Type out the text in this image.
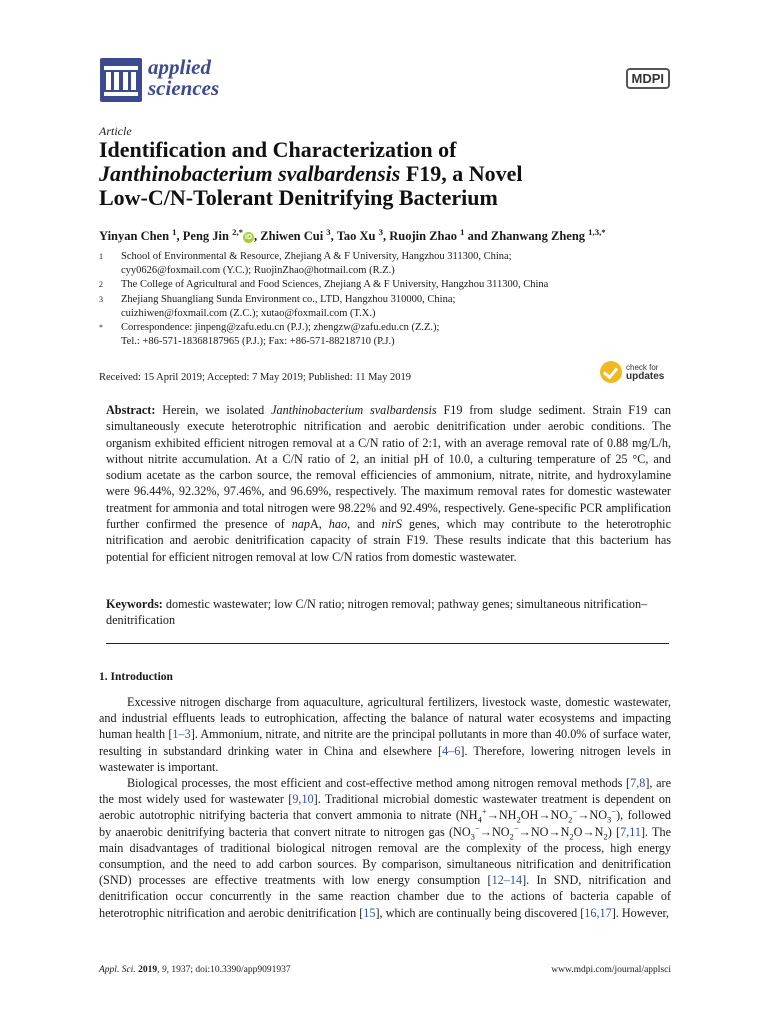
applied
sciences	MDPI
Article
Identification and Characterization of
Janthinobacterium svalbardensis F19, a Novel
Low-C/N-Tolerant Denitrifying Bacterium
Yinyan Chen $^1$, Peng Jin $^{2,*}$iD , Zhiwen Cui $^3$, Tao Xu $^3$, Ruojin Zhao $^1$ and Zhanwang Zheng $^{1,3,*}$
1	School of Environmental & Resource, Zhejiang A & F University, Hangzhou 311300, China;
cyy0626@foxmail.com (Y.C.); RuojinZhao@hotmail.com (R.Z.)
2	The College of Agricultural and Food Sciences, Zhejiang A & F University, Hangzhou 311300, China
3	Zhejiang Shuangliang Sunda Environment co., LTD, Hangzhou 310000, China;
cuizhiwen@foxmail.com (Z.C.); xutao@foxmail.com (T.X.)
*	Correspondence: jinpeng@zafu.edu.cn (P.J.); zhengzw@zafu.edu.cn (Z.Z.);
Tel.: +86-571-18368187965 (P.J.); Fax: +86-571-88218710 (P.J.)
Received: 15 April 2019; Accepted: 7 May 2019; Published: 11 May 2019
check for
updates
Abstract: Herein, we isolated Janthinobacterium svalbardensis F19 from sludge sediment. Strain F19 can simultaneously execute heterotrophic nitrification and aerobic denitrification under aerobic conditions. The organism exhibited efficient nitrogen removal at a C/N ratio of 2:1, with an average removal rate of 0.88 mg/L/h, without nitrite accumulation. At a C/N ratio of 2, an initial pH of 10.0, a culturing temperature of 25 °C, and sodium acetate as the carbon source, the removal efficiencies of ammonium, nitrate, nitrite, and hydroxylamine were 96.44%, 92.32%, 97.46%, and 96.69%, respectively. The maximum removal rates for domestic wastewater treatment for ammonia and total nitrogen were 98.22% and 92.49%, respectively. Gene-specific PCR amplification further confirmed the presence of napA, hao, and nirS genes, which may contribute to the heterotrophic nitrification and aerobic denitrification capacity of strain F19. These results indicate that this bacterium has potential for efficient nitrogen removal at low C/N ratios from domestic wastewater.
Keywords: domestic wastewater; low C/N ratio; nitrogen removal; pathway genes; simultaneous nitrification–denitrification
1. Introduction

Excessive nitrogen discharge from aquaculture, agricultural fertilizers, livestock waste, domestic wastewater, and industrial effluents leads to eutrophication, affecting the balance of natural water ecosystems and impacting human health [1–3]. Ammonium, nitrate, and nitrite are the principal pollutants in more than 40.0% of surface water, resulting in substandard drinking water in China and elsewhere [4–6]. Therefore, lowering nitrogen levels in wastewater is important.

Biological processes, the most efficient and cost-effective method among nitrogen removal methods [7,8], are the most widely used for wastewater [9,10]. Traditional microbial domestic wastewater treatment is dependent on aerobic autotrophic nitrifying bacteria that convert ammonia to nitrate $(NH_4^+\to NH_2OH\to NO_2^-\to NO_3^-)$, followed by anaerobic denitrifying bacteria that convert nitrate to nitrogen gas $(NO_3^-\to NO_2^-\to NO\to N_2O\to N_2)$ [7,11]. The main disadvantages of traditional biological nitrogen removal are the complexity of the process, high energy consumption, and the need to add carbon sources. By comparison, simultaneous nitrification and denitrification (SND) processes are effective treatments with low energy consumption [12–14]. In SND, nitrification and denitrification occur concurrently in the same reaction chamber due to the actions of bacteria capable of heterotrophic nitrification and aerobic denitrification [15], which are continually being discovered [16,17]. However,

Appl. Sci. 2019, 9, 1937; doi:10.3390/app9091937	www.mdpi.com/journal/applsci
